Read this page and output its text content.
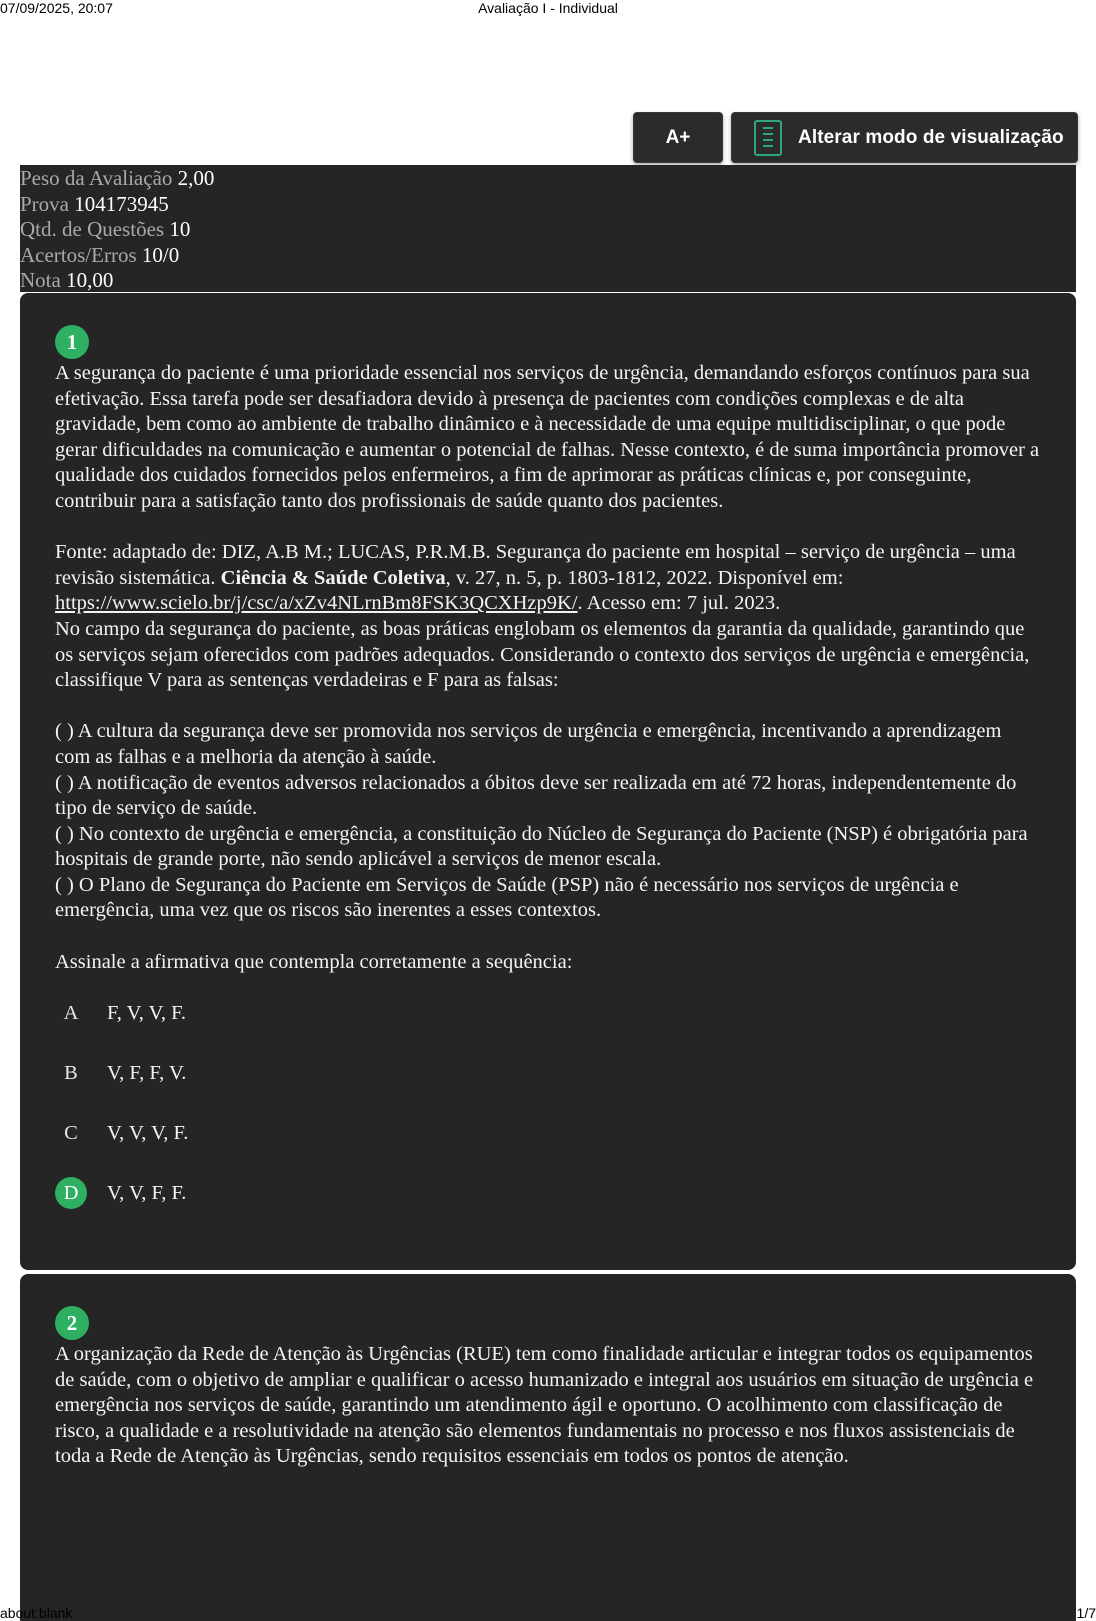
07/09/2025, 20:07	Avaliação I - Individual
A+	Alterar modo de visualização
Peso da Avaliação 2,00
Prova 104173945
Qtd. de Questões 10
Acertos/Erros 10/0
Nota 10,00
1

A segurança do paciente é uma prioridade essencial nos serviços de urgência, demandando esforços contínuos para sua efetivação. Essa tarefa pode ser desafiadora devido à presença de pacientes com condições complexas e de alta gravidade, bem como ao ambiente de trabalho dinâmico e à necessidade de uma equipe multidisciplinar, o que pode gerar dificuldades na comunicação e aumentar o potencial de falhas. Nesse contexto, é de suma importância promover a qualidade dos cuidados fornecidos pelos enfermeiros, a fim de aprimorar as práticas clínicas e, por conseguinte, contribuir para a satisfação tanto dos profissionais de saúde quanto dos pacientes.

Fonte: adaptado de: DIZ, A.B M.; LUCAS, P.R.M.B. Segurança do paciente em hospital – serviço de urgência – uma revisão sistemática. Ciência & Saúde Coletiva, v. 27, n. 5, p. 1803-1812, 2022. Disponível em: https://www.scielo.br/j/csc/a/xZv4NLrnBm8FSK3QCXHzp9K/. Acesso em: 7 jul. 2023.

No campo da segurança do paciente, as boas práticas englobam os elementos da garantia da qualidade, garantindo que os serviços sejam oferecidos com padrões adequados. Considerando o contexto dos serviços de urgência e emergência, classifique V para as sentenças verdadeiras e F para as falsas:

( ) A cultura da segurança deve ser promovida nos serviços de urgência e emergência, incentivando a aprendizagem com as falhas e a melhoria da atenção à saúde.

( ) A notificação de eventos adversos relacionados a óbitos deve ser realizada em até 72 horas, independentemente do tipo de serviço de saúde.

( ) No contexto de urgência e emergência, a constituição do Núcleo de Segurança do Paciente (NSP) é obrigatória para hospitais de grande porte, não sendo aplicável a serviços de menor escala.

( ) O Plano de Segurança do Paciente em Serviços de Saúde (PSP) não é necessário nos serviços de urgência e emergência, uma vez que os riscos são inerentes a esses contextos.

Assinale a afirmativa que contempla corretamente a sequência:

A	F, V, V, F.
B	V, F, F, V.
C	V, V, V, F.
D	V, V, F, F.
2

A organização da Rede de Atenção às Urgências (RUE) tem como finalidade articular e integrar todos os equipamentos de saúde, com o objetivo de ampliar e qualificar o acesso humanizado e integral aos usuários em situação de urgência e emergência nos serviços de saúde, garantindo um atendimento ágil e oportuno. O acolhimento com classificação de risco, a qualidade e a resolutividade na atenção são elementos fundamentais no processo e nos fluxos assistenciais de toda a Rede de Atenção às Urgências, sendo requisitos essenciais em todos os pontos de atenção.

about:blank	1/7
